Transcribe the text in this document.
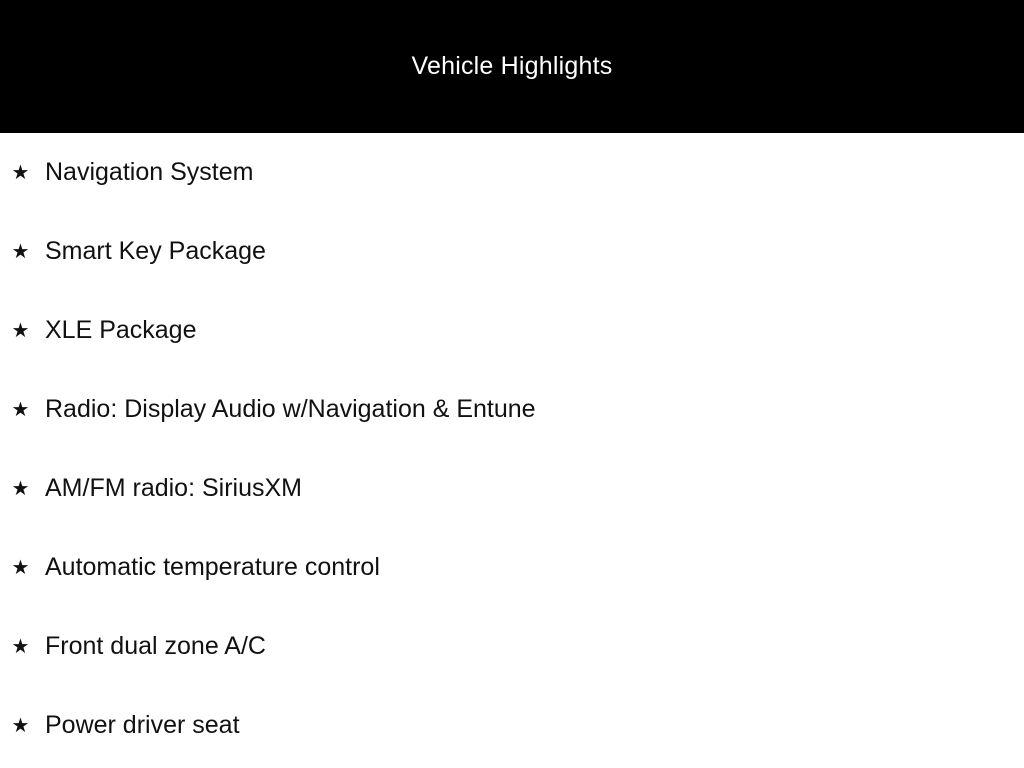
Vehicle Highlights
★ Navigation System
★ Smart Key Package
★ XLE Package
★ Radio: Display Audio w/Navigation & Entune
★ AM/FM radio: SiriusXM
★ Automatic temperature control
★ Front dual zone A/C
★ Power driver seat
